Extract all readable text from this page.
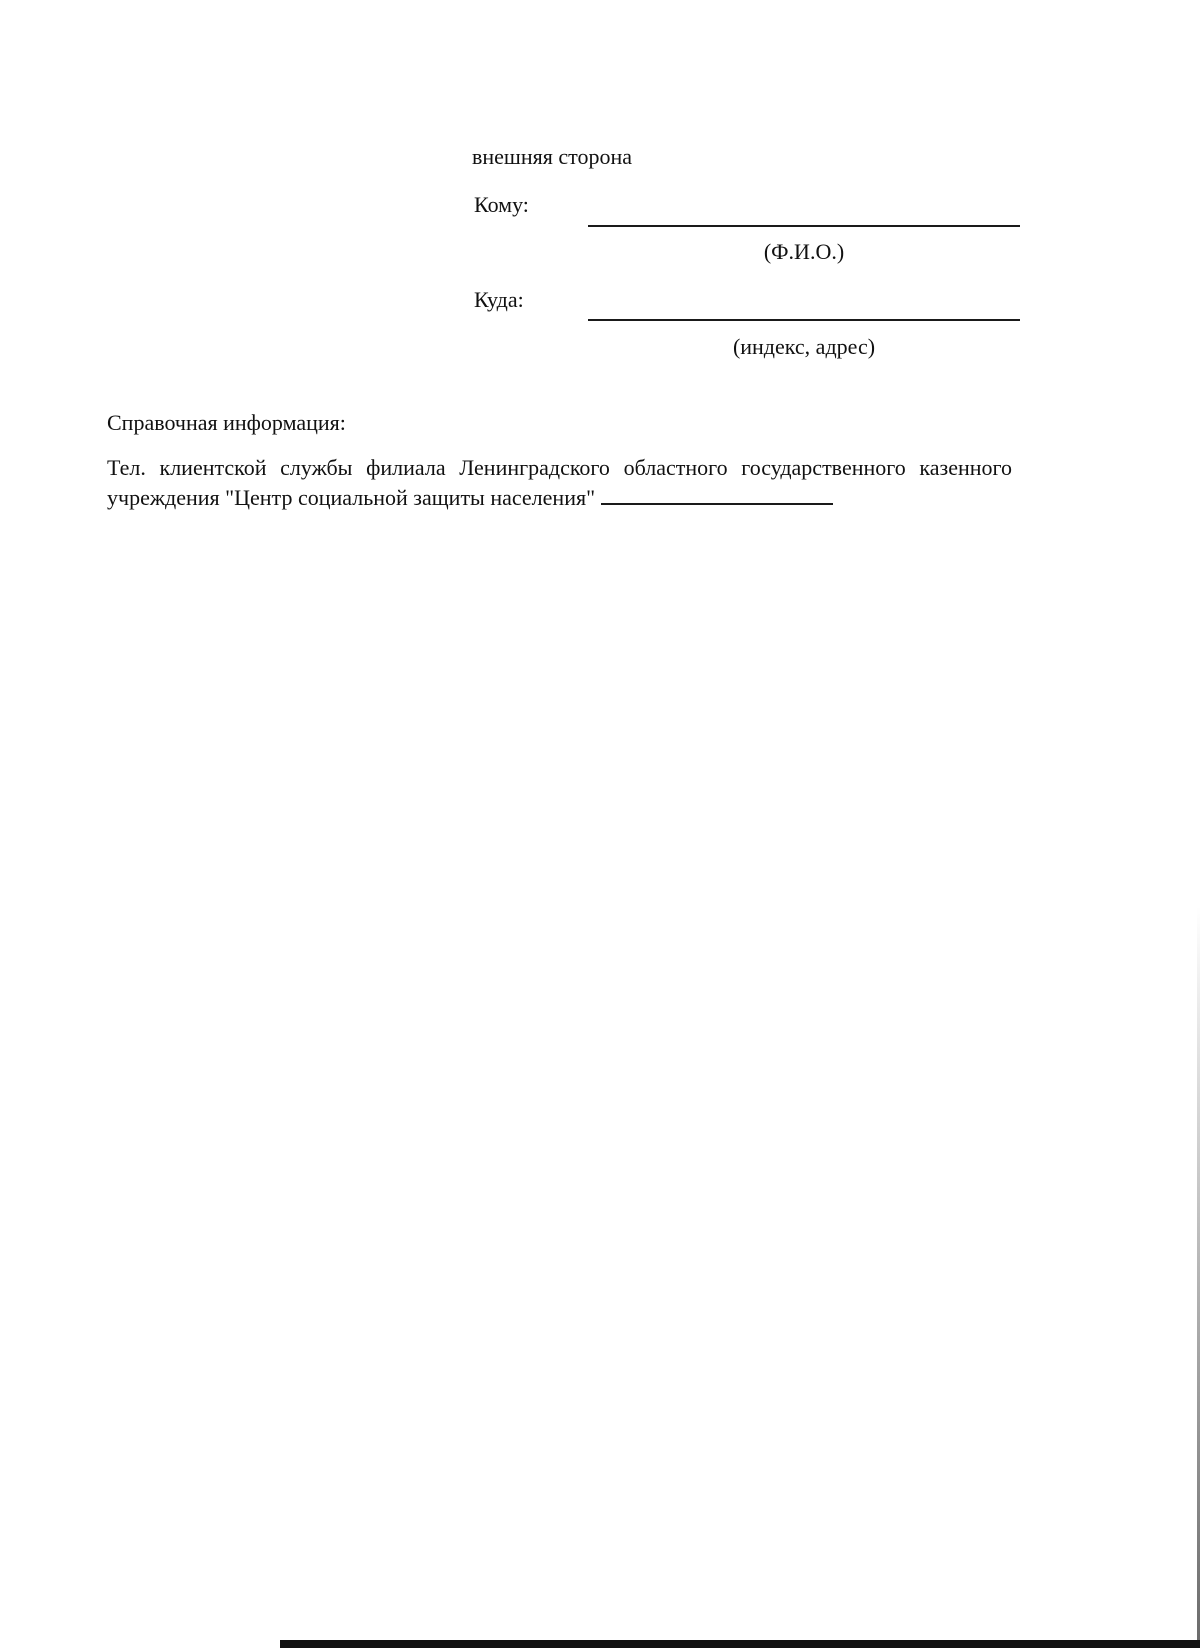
внешняя сторона
Кому:
(Ф.И.О.)
Куда:
(индекс, адрес)
Справочная информация:
Тел. клиентской службы филиала Ленинградского областного государственного казенного учреждения "Центр социальной защиты населения"
